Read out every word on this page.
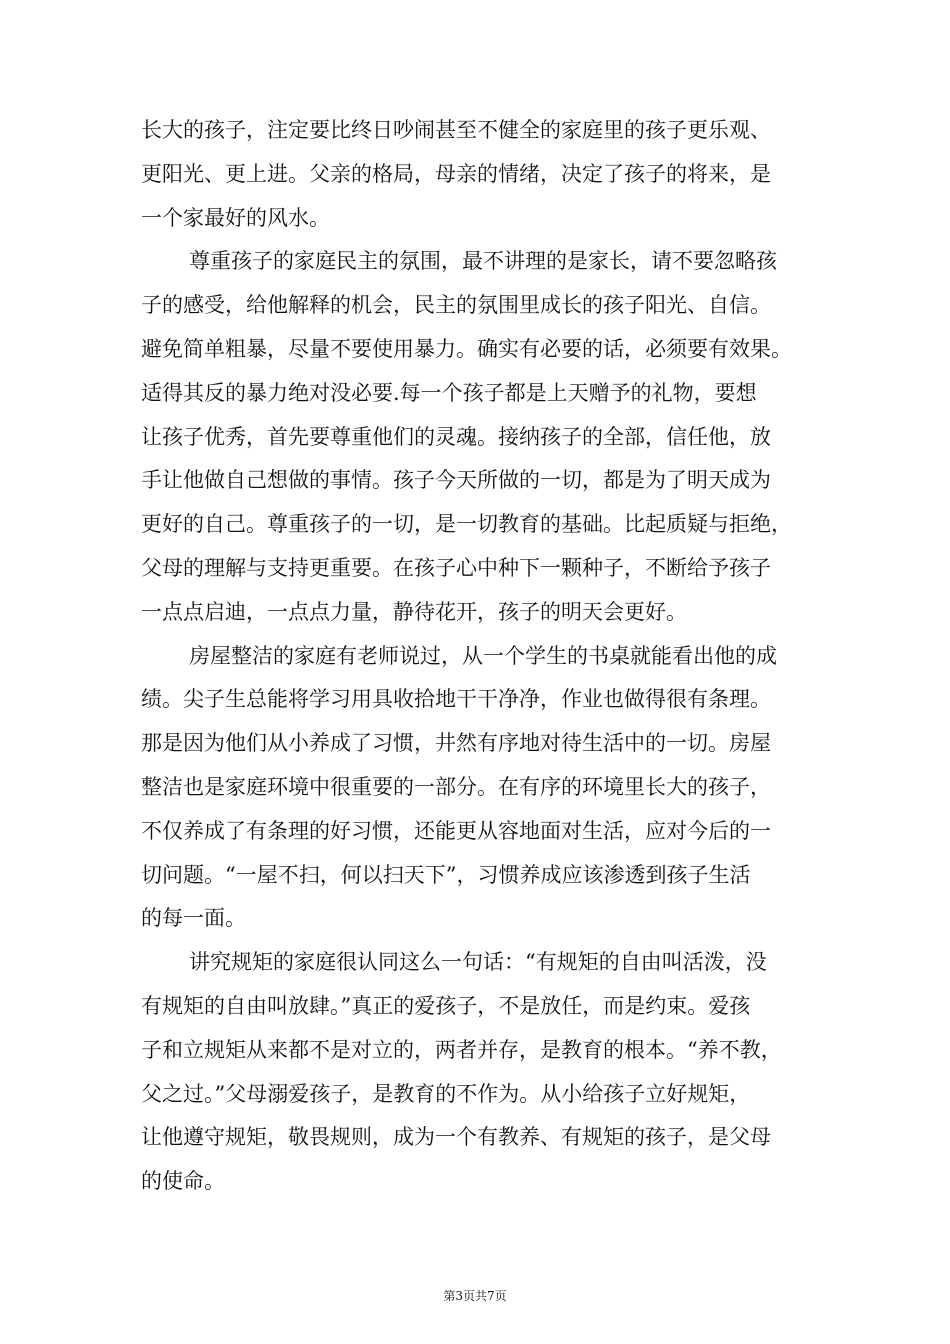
长大的孩子，注定要比终日吵闹甚至不健全的家庭里的孩子更乐观、
更阳光、更上进。父亲的格局，母亲的情绪，决定了孩子的将来，是
一个家最好的风水。
尊重孩子的家庭民主的氛围，最不讲理的是家长，请不要忽略孩
子的感受，给他解释的机会，民主的氛围里成长的孩子阳光、自信。
避免简单粗暴，尽量不要使用暴力。确实有必要的话，必须要有效果。
适得其反的暴力绝对没必要.每一个孩子都是上天赠予的礼物，要想
让孩子优秀，首先要尊重他们的灵魂。接纳孩子的全部，信任他，放
手让他做自己想做的事情。孩子今天所做的一切，都是为了明天成为
更好的自己。尊重孩子的一切，是一切教育的基础。比起质疑与拒绝，
父母的理解与支持更重要。在孩子心中种下一颗种子，不断给予孩子
一点点启迪，一点点力量，静待花开，孩子的明天会更好。
房屋整洁的家庭有老师说过，从一个学生的书桌就能看出他的成
绩。尖子生总能将学习用具收拾地干干净净，作业也做得很有条理。
那是因为他们从小养成了习惯，井然有序地对待生活中的一切。房屋
整洁也是家庭环境中很重要的一部分。在有序的环境里长大的孩子，
不仅养成了有条理的好习惯，还能更从容地面对生活，应对今后的一
切问题。“一屋不扫，何以扫天下”，习惯养成应该渗透到孩子生活
的每一面。
讲究规矩的家庭很认同这么一句话：“有规矩的自由叫活泼，没
有规矩的自由叫放肆。”真正的爱孩子，不是放任，而是约束。爱孩
子和立规矩从来都不是对立的，两者并存，是教育的根本。“养不教，
父之过。”父母溺爱孩子，是教育的不作为。从小给孩子立好规矩，
让他遵守规矩，敬畏规则，成为一个有教养、有规矩的孩子，是父母
的使命。
第3页共7页
